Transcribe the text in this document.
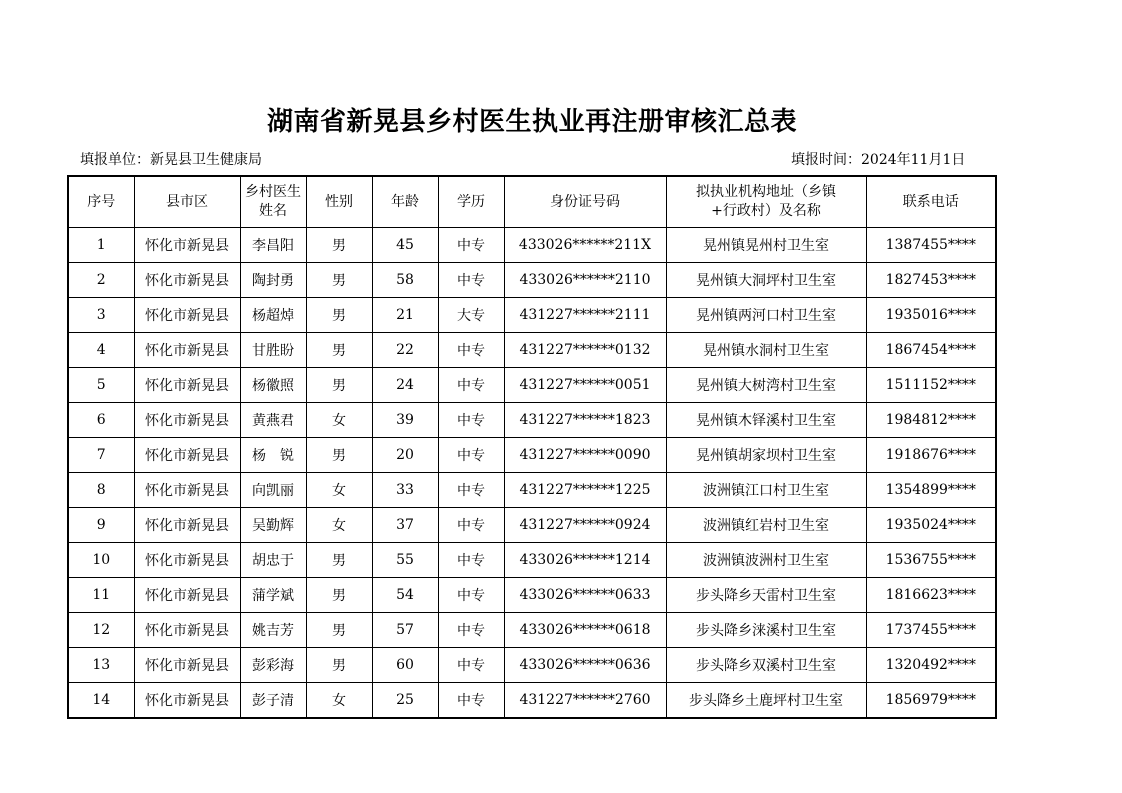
湖南省新晃县乡村医生执业再注册审核汇总表
填报单位：新晃县卫生健康局	填报时间：2024年11月1日
序号	县市区	乡村医生姓名	性别	年龄	学历	身份证号码	拟执业机构地址（乡镇+行政村）及名称	联系电话
1	怀化市新晃县	李昌阳	男	45	中专	433026******211X	晃州镇晃州村卫生室	1387455****
2	怀化市新晃县	陶封勇	男	58	中专	433026******2110	晃州镇大洞坪村卫生室	1827453****
3	怀化市新晃县	杨超焯	男	21	大专	431227******2111	晃州镇两河口村卫生室	1935016****
4	怀化市新晃县	甘胜盼	男	22	中专	431227******0132	晃州镇水洞村卫生室	1867454****
5	怀化市新晃县	杨徽照	男	24	中专	431227******0051	晃州镇大树湾村卫生室	1511152****
6	怀化市新晃县	黄燕君	女	39	中专	431227******1823	晃州镇木铎溪村卫生室	1984812****
7	怀化市新晃县	杨　锐	男	20	中专	431227******0090	晃州镇胡家坝村卫生室	1918676****
8	怀化市新晃县	向凯丽	女	33	中专	431227******1225	波洲镇江口村卫生室	1354899****
9	怀化市新晃县	吴勤辉	女	37	中专	431227******0924	波洲镇红岩村卫生室	1935024****
10	怀化市新晃县	胡忠于	男	55	中专	433026******1214	波洲镇波洲村卫生室	1536755****
11	怀化市新晃县	蒲学斌	男	54	中专	433026******0633	步头降乡天雷村卫生室	1816623****
12	怀化市新晃县	姚吉芳	男	57	中专	433026******0618	步头降乡涞溪村卫生室	1737455****
13	怀化市新晃县	彭彩海	男	60	中专	433026******0636	步头降乡双溪村卫生室	1320492****
14	怀化市新晃县	彭子清	女	25	中专	431227******2760	步头降乡土鹿坪村卫生室	1856979****
